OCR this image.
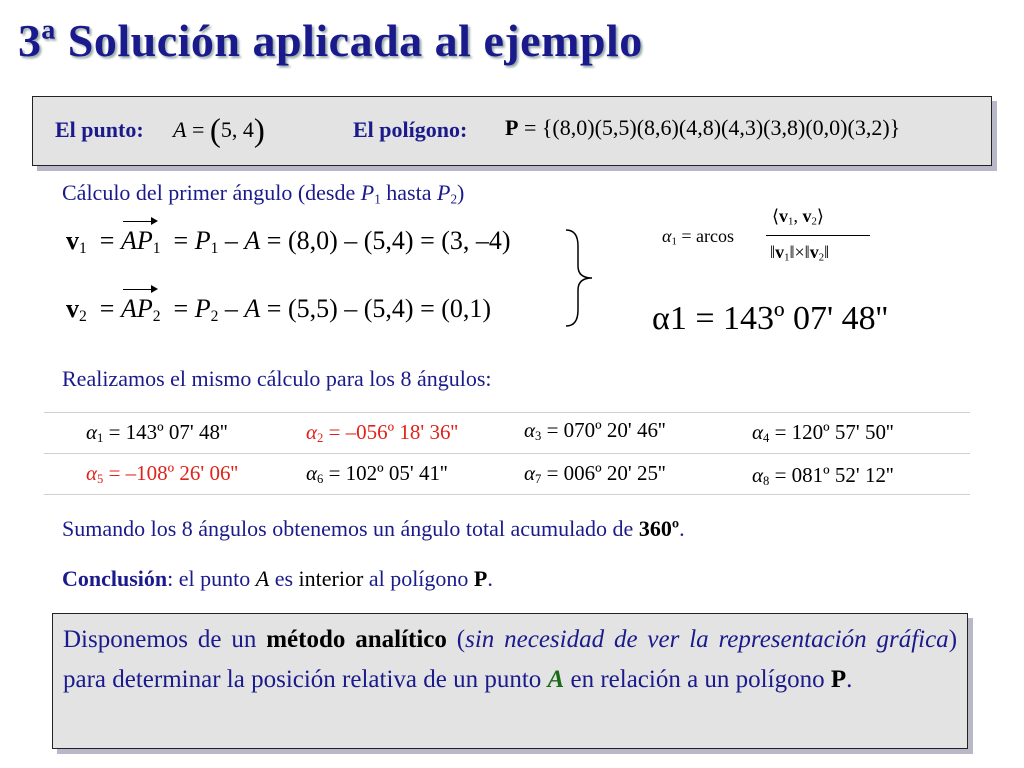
3ª Solución aplicada al ejemplo
El punto: A = (5, 4)	El polígono: P = {(8,0)(5,5)(8,6)(4,8)(4,3)(3,8)(0,0)(3,2)}
Cálculo del primer ángulo (desde $P_1$ hasta $P_2$)
$v_1 = AP_1 = P_1 - A = (8,0) - (5,4) = (3$, –4)
$v_2 = AP_2 = P_2 - A = (5,5) - (5,4) = (0,1)$
$\alpha_1 = arcos$
$⟨v_1$, $v_2⟩$
$‖v_1‖\times‖v_2‖$
α1 = 143º 07' 48''
Realizamos el mismo cálculo para los 8 ángulos:
$\alpha_1$ = 143º 07' 48''	$\alpha_2$ = –056º 18' 36''	$\alpha_3$ = 070º 20' 46''	$\alpha_4$ = 120º 57' 50''
$\alpha_5$ = –108º 26' 06''	$\alpha_6$ = 102º 05' 41''	$\alpha_7$ = 006º 20' 25''	$\alpha_8$ = 081º 52' 12''
Sumando los 8 ángulos obtenemos un ángulo total acumulado de 360º.
Conclusión: el punto A es interior al polígono P.
Disponemos de un método analítico (sin necesidad de ver la representación gráfica) para determinar la posición relativa de un punto A en relación a un polígono P.
